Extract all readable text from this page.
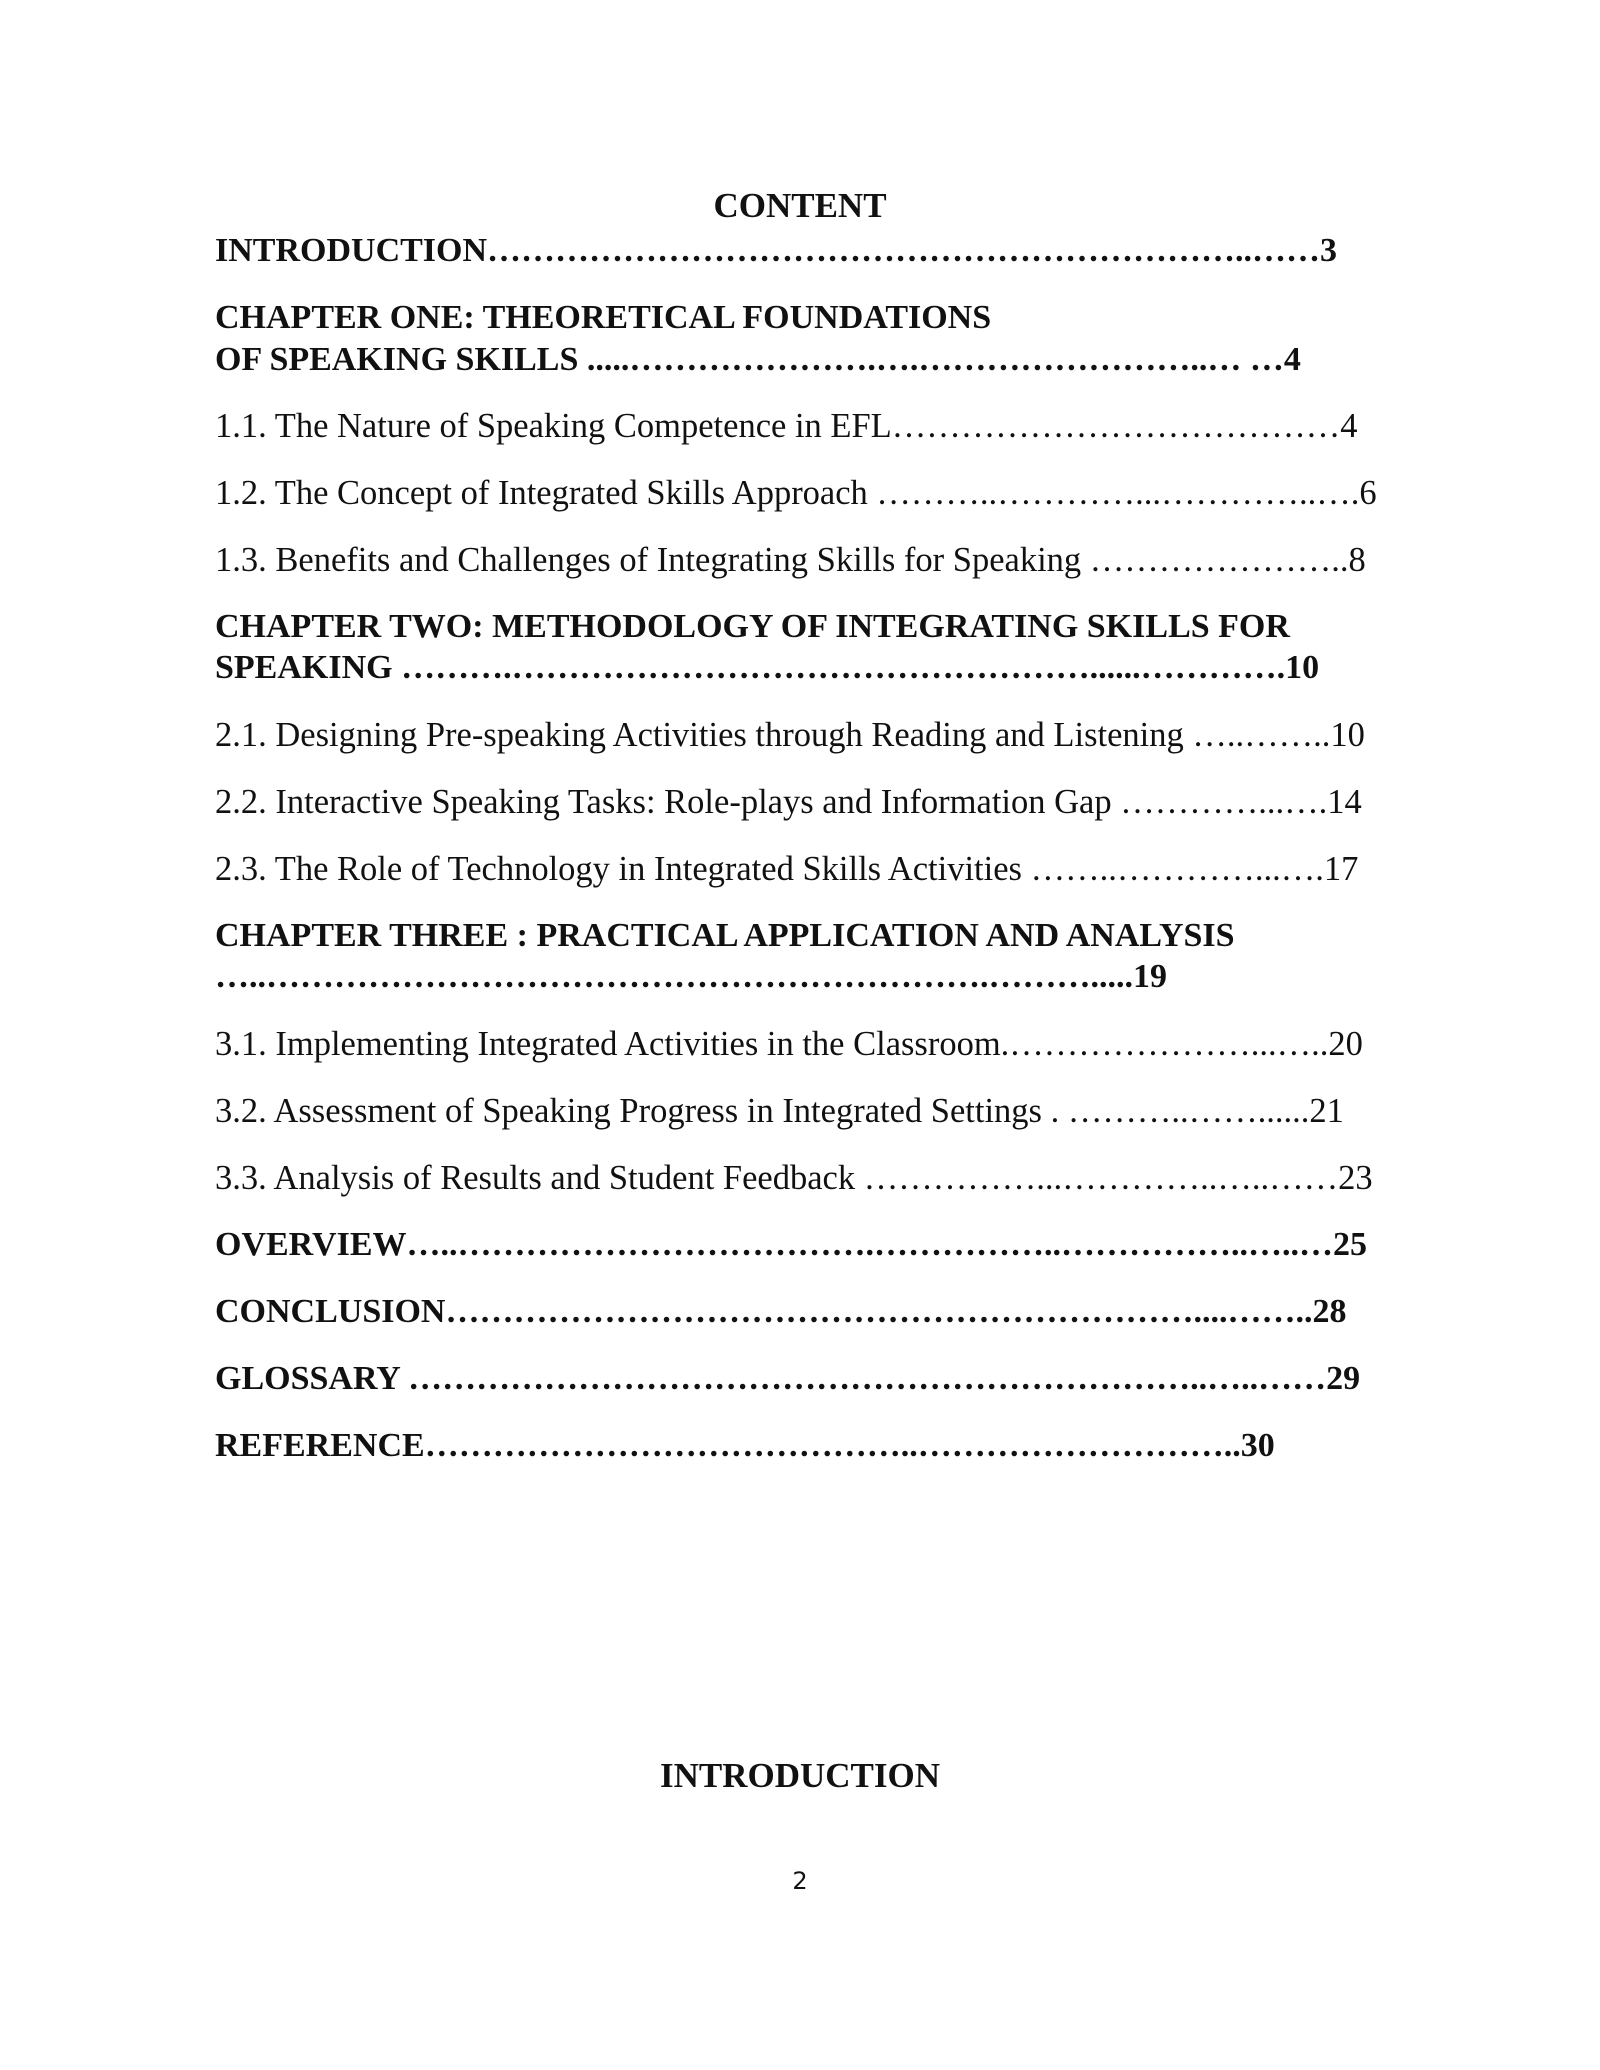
CONTENT
INTRODUCTION…………………………………………………………..……3
CHAPTER ONE: THEORETICAL FOUNDATIONS
OF SPEAKING SKILLS .....………………….….……………………..… …4
1.1. The Nature of Speaking Competence in EFL…………………………………4
1.2. The Concept of Integrated Skills Approach ………..…………...…………..….6
1.3. Benefits and Challenges of Integrating Skills for Speaking …………………..8
CHAPTER TWO: METHODOLOGY OF INTEGRATING SKILLS FOR
SPEAKING ……….……………………………………………......………….10
2.1. Designing Pre-speaking Activities through Reading and Listening …..……..10
2.2. Interactive Speaking Tasks: Role-plays and Information Gap …………...….14
2.3. The Role of Technology in Integrated Skills Activities ……..…………...….17
CHAPTER THREE : PRACTICAL APPLICATION AND ANALYSIS
…..……………………………………………………….……….....19
3.1. Implementing Integrated Activities in the Classroom.…………………...…..20
3.2. Assessment of Speaking Progress in Integrated Settings . ………..……......21
3.3. Analysis of Results and Student Feedback ……………...…………..…..……23
OVERVIEW…..……………………………….……………..……………..…..…25
CONCLUSION…………………………………………………………....……..28
GLOSSARY ……………………………………………………………..…..……29
REFERENCE……………………………………..………………………..30
INTRODUCTION
2
